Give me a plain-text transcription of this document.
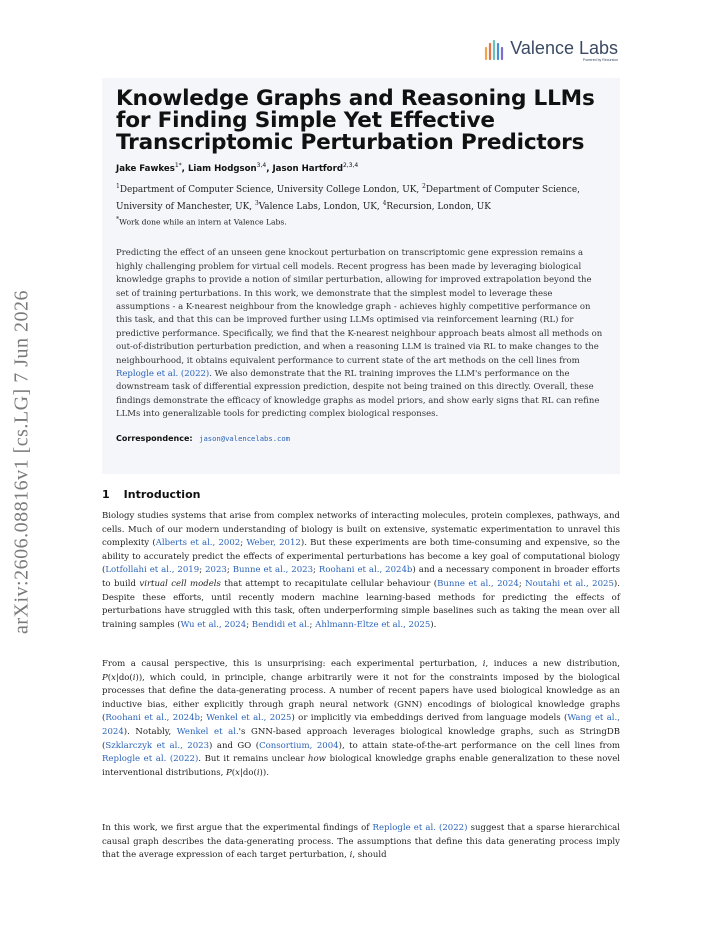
arXiv:2606.08816v1 [cs.LG] 7 Jun 2026
Valence Labs
Powered by Recursion
Knowledge Graphs and Reasoning LLMs for Finding Simple Yet Effective Transcriptomic Perturbation Predictors
Jake Fawkes$^{1*}$, Liam Hodgson$^{3,4}$, Jason Hartford$^{2,3,4}$
$^1$Department of Computer Science, University College London, UK, $^2$Department of Computer Science, University of Manchester, UK, $^3$Valence Labs, London, UK, $^4$Recursion, London, UK
*Work done while an intern at Valence Labs.
Predicting the effect of an unseen gene knockout perturbation on transcriptomic gene expression remains a highly challenging problem for virtual cell models. Recent progress has been made by leveraging biological knowledge graphs to provide a notion of similar perturbation, allowing for improved extrapolation beyond the set of training perturbations. In this work, we demonstrate that the simplest model to leverage these assumptions - a K-nearest neighbour from the knowledge graph - achieves highly competitive performance on this task, and that this can be improved further using LLMs optimised via reinforcement learning (RL) for predictive performance. Specifically, we find that the K-nearest neighbour approach beats almost all methods on out-of-distribution perturbation prediction, and when a reasoning LLM is trained via RL to make changes to the neighbourhood, it obtains equivalent performance to current state of the art methods on the cell lines from Replogle et al. (2022). We also demonstrate that the RL training improves the LLM's performance on the downstream task of differential expression prediction, despite not being trained on this directly. Overall, these findings demonstrate the efficacy of knowledge graphs as model priors, and show early signs that RL can refine LLMs into generalizable tools for predicting complex biological responses.
Correspondence: jason@valencelabs.com
1 Introduction

Biology studies systems that arise from complex networks of interacting molecules, protein complexes, pathways, and cells. Much of our modern understanding of biology is built on extensive, systematic experimentation to unravel this complexity (Alberts et al., 2002; Weber, 2012). But these experiments are both time-consuming and expensive, so the ability to accurately predict the effects of experimental perturbations has become a key goal of computational biology (Lotfollahi et al., 2019; 2023; Bunne et al., 2023; Roohani et al., 2024b) and a necessary component in broader efforts to build virtual cell models that attempt to recapitulate cellular behaviour (Bunne et al., 2024; Noutahi et al., 2025). Despite these efforts, until recently modern machine learning-based methods for predicting the effects of perturbations have struggled with this task, often underperforming simple baselines such as taking the mean over all training samples (Wu et al., 2024; Bendidi et al.; Ahlmann-Eltze et al., 2025).

From a causal perspective, this is unsurprising: each experimental perturbation, i, induces a new distribution, P(x|do(i)), which could, in principle, change arbitrarily were it not for the constraints imposed by the biological processes that define the data-generating process. A number of recent papers have used biological knowledge as an inductive bias, either explicitly through graph neural network (GNN) encodings of biological knowledge graphs (Roohani et al., 2024b; Wenkel et al., 2025) or implicitly via embeddings derived from language models (Wang et al., 2024). Notably, Wenkel et al.'s GNN-based approach leverages biological knowledge graphs, such as StringDB (Szklarczyk et al., 2023) and GO (Consortium, 2004), to attain state-of-the-art performance on the cell lines from Replogle et al. (2022). But it remains unclear how biological knowledge graphs enable generalization to these novel interventional distributions, P(x|do(i)).

In this work, we first argue that the experimental findings of Replogle et al. (2022) suggest that a sparse hierarchical causal graph describes the data-generating process. The assumptions that define this data generating process imply that the average expression of each target perturbation, i, should
